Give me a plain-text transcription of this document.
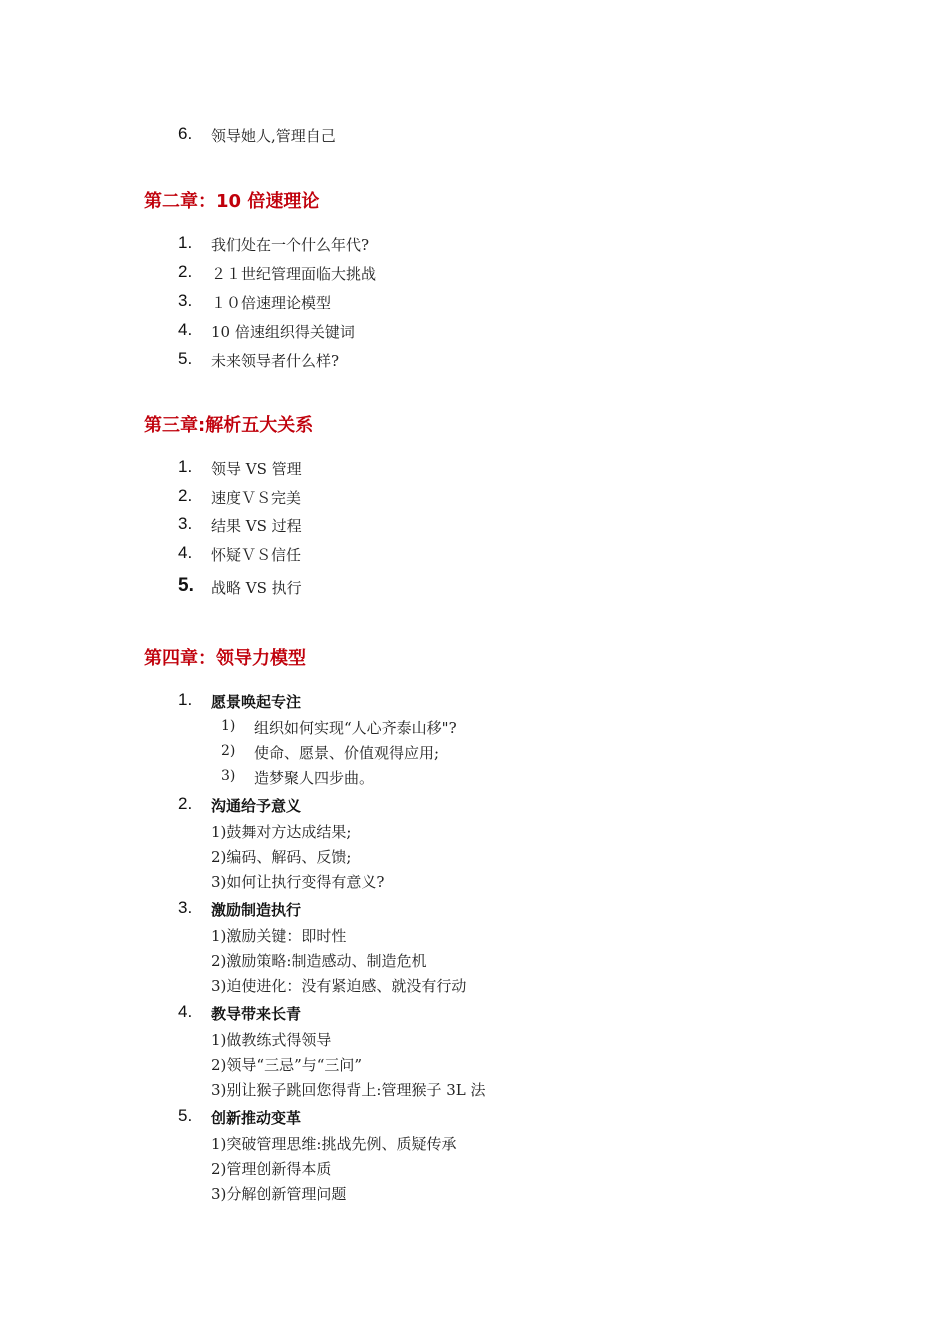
6. 领导她人,管理自己
第二章：10 倍速理论
1. 我们处在一个什么年代?
2. ２１世纪管理面临大挑战
3. １０倍速理论模型
4. 10 倍速组织得关键词
5. 未来领导者什么样?
第三章:解析五大关系
1. 领导 VS 管理
2. 速度ＶＳ完美
3. 结果 VS 过程
4. 怀疑ＶＳ信任
5. 战略 VS 执行
第四章：领导力模型
1. 愿景唤起专注
1) 组织如何实现“人心齐泰山移"?
2) 使命、愿景、价值观得应用;
3) 造梦聚人四步曲。
2. 沟通给予意义
1)鼓舞对方达成结果;
2)编码、解码、反馈;
3)如何让执行变得有意义?
3. 激励制造执行
1)激励关键：即时性
2)激励策略:制造感动、制造危机
3)迫使进化：没有紧迫感、就没有行动
4. 教导带来长青
1)做教练式得领导
2)领导“三忌”与“三问”
3)别让猴子跳回您得背上:管理猴子 3L 法
5. 创新推动变革
1)突破管理思维:挑战先例、质疑传承
2)管理创新得本质
3)分解创新管理问题
